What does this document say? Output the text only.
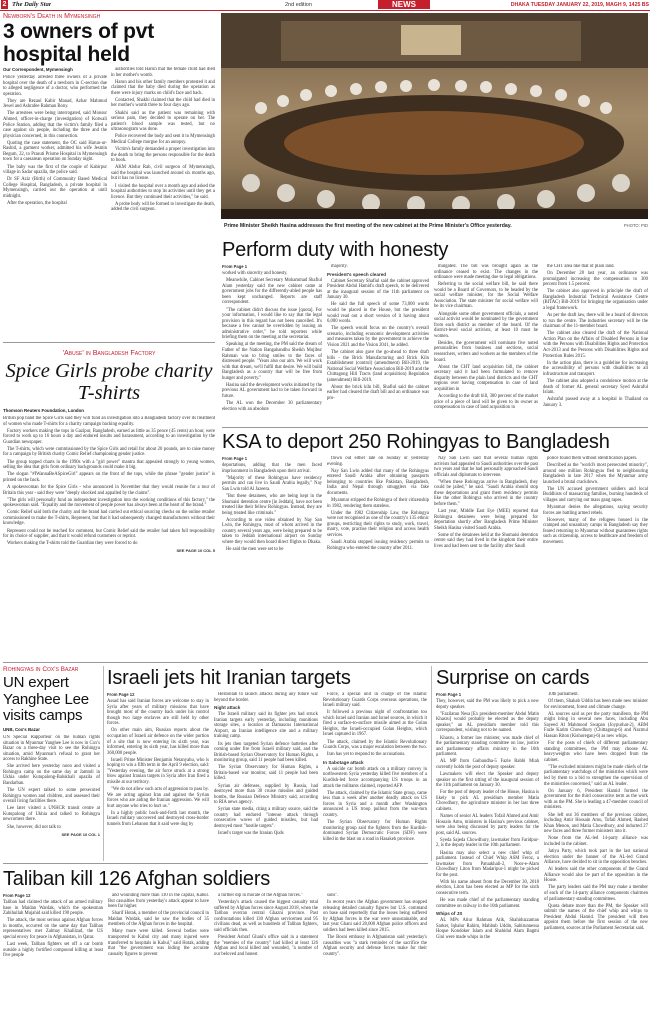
2 The Daily Star	2nd edition	NEWS	DHAKA TUESDAY JANUARY 22, 2019, MAGH 9, 1425 BS
Newborn's Death in Mymensingh
3 owners of pvt hospital held
Our Correspondent, Mymensingh

Police yesterday arrested three owners of a private hospital over the death of a newborn in C-section due to alleged negligence of a doctor, who performed the operation.

They are Rezaul Kabir Manad, Azhar Mahmud Jewel and Ashrafee Rahman Bony.

The arrestees were being interrogated, said Monsur Ahmed, officer-in-charge (investigation) of Kotwali Police Station, adding that the victim's family filed a case against six people, including the three and the physician concerned, in this connection.

Quoting the case statement, the OC said Harun-ur-Rashid, a garment worker, admitted his wife Jesmin Begum, 22, to Prasuti Prisme Hospital in Mymensingh town for a caesarean operation on Sunday night.

The baby was the first of the couple of Kabirpur village in Sadar upazila, the police said.

Dr SF Aziz (Birth) of Community Based Medical College Hospital, Bangladesh, a private hospital in Mymensingh, carried out the operation at until midnight.

After the operation, the hospital

authorities told Harun that the female child had died in her mother's womb.

Harun and his other family members protested it and claimed that the baby died during the operation as there were injury marks on child's face and back.

Contacted, Shakhi claimed that the child had died in her mother's womb three to four days ago.

Shakhi said as the patient was remaining with serious pain, they decided to operate on her. The patient's blood sample was tested, but no ultrasonogram was done.

Police recovered the body and sent it to Mymensingh Medical College morgue for an autopsy.

Victim's family demanded a proper investigation into the death to bring the persons responsible for the death to book.

AKM Abdur Rab, civil surgeon of Mymensingh, said the hospital was launched around six months ago, but it has no license.

I visited the hospital over a month ago and asked the hospital authorities to stop its activities until they get a licence. But they continued their activities," he said.

A probe body will be formed to investigate the death, added the civil surgeon.

Prime Minister Sheikh Hasina addresses the first meeting of the new cabinet at the Prime Minister's Office yesterday.	PHOTO: PID
'Abuse' in Bangladesh Factory
Spice Girls probe charity T-shirts
Thomson Reuters Foundation, London

British pop band the Spice Girls said they will fund an investigation into a Bangladesh factory over its treatment of women who made T-shirts for a charity campaign backing equality.

Factory workers making the tops in Gazipur, Bangladesh, earned as little as 35 pence (45 cents) an hour, were forced to work up to 16 hours a day and endured insults and harassment, according to an investigation by the Guardian newspaper.

The T-shirts, which were commissioned by the Spice Girls and retail for about 20 pounds, are to raise money for a campaign by British charity Comic Relief championing gender justice.

The group topped charts in the 1990s with a "girl power" mantra that appealed strongly to young women, selling the idea that girls from ordinary backgrounds could make it big.

The slogan "#IWannaBeASpiceGirl" appears on the front of the tops, while the phrase "gender justice" is printed on the back.

A spokeswoman for the Spice Girls - who announced in November that they would reunite for a tour of Britain this year - said they were "deeply shocked and appalled by the claims".

"The girls will personally fund an independent investigation into the working conditions of this factory," the spokeswoman said. "Equality and the movement of people power has always been at the heart of the brand."

Comic Relief said both the charity and the brand had carried out ethical sourcing checks on the online retailer commissioned to make the T-shirts, Represent, but that it had subsequently changed manufacturers without their knowledge.

Represent could not be reached for comment, but Comic Relief said the retailer had taken full responsibility for its choice of supplier, and that it would refund customers or reprint.

Workers making the T-shirts told the Guardian they were forced to do

SEE PAGE 10 COL 5

Perform duty with honesty

From Page 1

worked with sincerity and honesty.

Meanwhile, Cabinet Secretary Mohammad Shafiul Alam yesterday said the new cabinet came at government jobs for the differently-abled people has been kept unchanged. Reports are staff correspondent.

"The cabinet didn't discuss the issue [quota]. For your information, I would like to say that the legal provision in this regard has not been cancelled. It's because a few cannot be overridden by issuing an administrative order," he told reporters while briefing them on the meeting at the secretariat.

Speaking at the meeting, the PM said the dream of Father of the Nation Bangabandhu Sheikh Mujibur Rahman was to bring smiles to the faces of distressed people. "Years also our aim. We will work with that dream, we'll fulfil that desire. We will build Bangladesh as a country that will be free from hunger and poverty."

Hasina said the development works initiated by the previous AL government had to be taken forward in future.

The AL won the December 30 parliamentary election with an absolute

majority.

President's speech cleared

Cabinet Secretary Shafiul said the cabinet approved President Abdul Hamid's draft speech, to be delivered at the inaugural session of the 11th parliament on January 30.

He said the full speech of some 73,000 words would be placed in the House, but the president would read out a short version of it having about 6,000 words.

The speech would focus on the country's overall scenario, including economic development activities and measures taken by the government to achieve the Vision 2021 and the Vision 2041, he added.

The cabinet also gave the go-ahead to three draft bills - the Brick Manufacturing and Brick Kiln Establishment (control) (amendment) Bill-2019, the National Social Welfare Association Bill-2019 and the Chittagong Hill Tracts (land acquisition) Regulation (amendment) Bill-2019.

About the brick kiln bill, Shafiul said the cabinet earlier had cleared the draft bill and an ordinance was pro-

mulgated. The bill was brought again as the ordinance ceased to exist. The changes in the ordinance were made meeting due to legal obligations.

Referring to the social welfare bill, he said there would be a Board of Governors, to be headed by the social welfare minister, for the Social Welfare Association. The state minister for social welfare will be its vice chairman.

Alongside some other government officials, a noted social activist would be nominated by the government from each district as member of the board. Of the district-level social activists, at least 10 must be women.

Besides, the government will nominate five noted personalities from business and sections, social researchers, writers and workers as the members of the board.

About the CHT land acquisition bill, the cabinet secretary said it had been formulated to remove disparity between the plain land districts and the CHT regions over having compensation in case of land acquisition in

According to the draft bill, 300 percent of the market price of a piece of land will be given to its owner as compensation in case of land acquisition in

the CHT area like that of plain land.

On December 28 last year, an ordinance was promulgated increasing the compensation to 300 percent from 1.5 percent.

The cabinet also approved in principle the draft of Bangladesh Industrial Technical Assistance Centre (BITAC) Bill-2019 for bringing the organisation under a legal framework.

As per the draft law, there will be a board of directors to run the centre. The industries secretary will be the chairman of the 11-member board.

The cabinet also cleared the draft of the National Action Plan on the Affairs of Disabled Persons in line with the Persons with Disabilities Rights and Protection Act-2013 and the Persons with Disabilities Rights and Protection Rules 2015.

In the action plan, there is a guideline for increasing the accessibility of persons with disabilities to all infrastructure and transport.

The cabinet also adopted a condolence motion at the death of former AL general secretary Syed Ashraful Islam.

Ashraful passed away at a hospital in Thailand on January 3.

KSA to deport 250 Rohingyas to Bangladesh

From Page 1

deportations, adding that the men faced imprisonment in Bangladesh upon their arrival.

"Majority of these Rohingyas have residency permits and can live in Saudi Arabia legally," Nay San Lwin told Al Jazeera.

"But these detainees, who are being kept in the Shumaisi detention centre [in Jeddah], have not been treated like their fellow Rohingyas. Instead, they are being treated like criminals."

According to one video obtained by Nay San Lwin, the Rohingya, most of whom arrived in the country several years ago, were being prepared to be taken to Jeddah international airport on Sunday where they would then board direct flights to Dhaka.

He said the men were set to be

flown out either late on Sunday or yesterday evening.

Nay San Lwin added that many of the Rohingyas entered Saudi Arabia after obtaining passports belonging to countries like Pakistan, Bangladesh, India and Nepal through smugglers via fake documents.

Myanmar stripped the Rohingya of their citizenship in 1982, rendering them stateless.

Under the 1982 Citizenship Law, the Rohingya were not recognised as one of the country's 135 ethnic groups, restricting their rights to study, work, travel, marry, vote, practise their religion and access health services.

Saudi Arabia stopped issuing residency permits to Rohingya who entered the country after 2011.

Nay San Lwin said that several human rights activists had appealed to Saudi authorities over the past two years and that he had personally approached Saudi officials and diplomats to intervene.

"When these Rohingyas arrive in Bangladesh, they could be jailed," he said. "Saudi Arabia should stop these deportations and grant them residency permits like the other Rohingya who arrived in the country before them."

Last year, Middle East Eye (MEE) reported that Rohingya detainees were being prepared for deportation shortly after Bangladesh Prime Minister Sheikh Hasina visited Saudi Arabia.

Some of the detainees held at the Shumaisi detention centre said they had lived in the kingdom their entire lives and had been sent to the facility after Saudi

police found them without identification papers.

Described as the "world's most persecuted minority", around one million Rohingyas fled to neighbouring Bangladesh in late 2017 when the Myanmar army launched a brutal crackdown.

The UN accused government soldiers and local Buddhists of massacring families, burning hundreds of villages and carrying out mass gang rapes.

Myanmar denies the allegations, saying security forces are battling armed rebels.

However, many of the refugees housed in the cramped and unsanitary camps in Bangladesh say they feared returning to Myanmar without guarantees rights such as citizenship, access to healthcare and freedom of movement.

Rohingyas in Cox's Bazar
UN expert Yanghee Lee visits camps
UNB, Cox's Bazar

UN Special Rapporteur on the human rights situation in Myanmar Yanghee Lee is now in Cox's Bazar on a three-day visit to see the Rohingya situation, amid Myanmar's refusal to grant her access to Rakhine State.

She arrived here yesterday noon and visited a Rohingya camp on the same day at Jamtoli in Ukhia under Kutupalong-Balukhali upazila of Bandarban.

The UN expert talked to some persecuted Rohingya women and children, and assessed their overall living facilities there.

Lee later visited a UNHCR transit centre at Kutupalong of Ukhia and talked to Rohingya newcomers there.

She, however, did not talk to

SEE PAGE 10 COL 1

Israeli jets hit Iranian targets

From Page 12

Assad has said Iranian forces are welcome to stay in Syria after years of military missions that have brought most of the country back under his control though two large enclaves are still held by other forces.

On other main aim, Russian reports about the occupation of Israeli air defence on the wider portion of a site that is now entering its sixth year, was informed, entering its sixth year, has killed more than 360,000 people.

Israeli Prime Minister Benjamin Netanyahu, who is hoping to win a fifth term in the April 9 election, said: "Yesterday evening, the air force struck at a strong blow against Iranian targets in Syria after Iran fired a missile at our territory.

"We do not allow such acts of aggression to pass by. We are acting against Iran and against the Syrian forces who are aiding the Iranian aggression. We will hurt anyone who tries to hurt us."

In a highly public back-and-forth last month, the Israeli military uncovered and destroyed cross-border tunnels from Lebanon that it said were dug by

Hezbollah to launch attacks during any future war beyond the border.

Night attack

The Israeli military said its fighter jets had struck Iranian targets early yesterday, including munitions storage sites, a location at Damascus International Airport, an Iranian intelligence site and a military training camp.

Its jets then targeted Syrian defence batteries after coming under fire from Israeli military said, and the British-based Syrian Observatory for Human Rights, a monitoring group, said 11 people had been killed.

The Syrian Observatory for Human Rights, a Britain-based war monitor, said 11 people had been killed.

Syrian air defenses, supplied by Russia, had destroyed more than 30 cruise missiles and guided bombs, the Russian Defence Ministry said, according to RIA news agency.

Syrian state media, citing a military source, said the country had endured "intense attack through consecutive waves of guided missiles, but had destroyed most "hostile targets".

Israel's target was the Iranian Quds

Force, a special unit in charge of the Islamic Revolutionary Guards Corps overseas operations, the Israeli military said.

It followed a previous night of confrontation too which Israel said Iranian and Israel sources, in which it fired a surface-to-surface missile aimed at the Golan Heights, the Israeli-occupied Golan Heights, which Israel captured in 1967.

The attack, claimed by the Islamic Revolutionary Guards Corps, was a major escalation between the two.

Iran has yet to respond to the accusations.

In Sabotage attack

A suicide car bomb attack on a military convoy in northwestern Syria yesterday killed five members of a Kurdish-led force accompanying US troops in an attack the militants claimed, reported AFP.

The attack, claimed by the Islamic State group, came less than a week after another deadly attack on US forces in Syria and a month after Washington announced a US troop pullout from the war-torn country.

The Syrian Observatory for Human Rights monitoring group said the fighters from the Kurdish-dominated Syrian Democratic Forces (SDF) were killed in the blast on a road in Hasakeh province.

Surprise on cards

From Page 1

They, however, said the PM was likely to pick a new deputy speaker.

"Fazilatun Nesa [Ex president-member Abdul Matin Khasru] would probably be elected as the deputy speaker," an AL presidium member told this correspondent, wishing not to be named.

Khasru, a former law minister, was made chief of the parliamentary standing committee on law, justice and parliamentary affairs ministry in the 10th parliament.

AL MP from Gaibandha-5 Fazle Rabbi Miah currently holds the post of deputy speaker.

Lawmakers will elect the Speaker and deputy speaker on the first sitting of the inaugural session of the 11th parliament on January 30.

For the post of deputy leader of the House, Hasina is likely to pick AL presidium member Matia Chowdhury, the agriculture minister in her last three cabinets.

Names of senior AL leaders Tofail Ahmed and Amir Hossain Amu, ministers in Hasina's previous cabinet, were also being discussed by party leaders for the post, said AL sources.

Syeda Sajeda Chowdhury, lawmaker from Faridpur-2, is the deputy leader in the 10th parliament.

Hasina may also select a new chief whip of parliament. Instead of Chief Whip ASM Feroz, a lawmaker from Patuakhali-2, Noor-e-Alam Chowdhury Liton from Madaripur-1 might be picked for the post.

With his name absent from the December 30, 2018 election, Liton has been elected as MP for the sixth consecutive term.

He was made chief of the parliamentary standing committee on railway in the 10th parliament.

Whips of JS

AL MPs Atiur Rahman Atik, Shahiduzzaman Sarker, Iqbalur Rahim, Mahbub Uddin, Sabirunnessa Hoque Kondoker Islam and Shahidul Alam Bagmi Gini were made whips in the

10th parliament.

Of them, Shahab Uddin has been made new minister for environment, forest and climate change.

AL sources said as per the party manifesto, the PM might bring in several new faces, including Abu Sayeed Al Mahmood Swapan (Joypurhat-2), ABM Fazle Karim Chowdhury (Chittagong-6) and Nazmul Hassan Riton (Kishoreganj-6) as new whips.

For the posts of chiefs of different parliamentary standing committees, the PM may choose AL heavyweights who have been dropped from the cabinet.

"The excluded ministers might be made chiefs of the parliamentary watchdogs of the ministries which were led by them to a bid to strengthen the supervision of the ministries concerned," said an AL leader.

On January 6, President Hamid formed the government for the third consecutive term as the work with as the PM. She is leading a 47-member council of ministers.

She left out 36 members of the previous cabinet, including Amir Hossain Amu, Tofail Ahmed, Rashed Khan Menon, and Matia Chowdhury, and inducted 27 new faces and three former ministers into it.

None from the AL-led 14-party alliance was included in the cabinet.

Jatiya Party, which took part in the last national election under the banner of the AL-led Grand Alliance, have decided to sit in the opposition benches.

Al leaders said the other components of the Grand Alliance would also be part of the opposition in the House.

The party leaders said the PM may make a member of each of the 14-party alliance components chairmen of parliamentary standing committees.

Quota debate more than the PM, the Speaker will submit the names of the chief whip and whips to President Abdul Hamid. The president will then appoint them before the first session of the new parliament, sources at the Parliament Secretariat said.

Taliban kill 126 Afghan soldiers

From Page 12

Taliban had claimed the attack of an armed military base in Maidan Wardak, which the spokesman Zabihullah Mujahid said killed 190 people.

The attack, the most serious against Afghan forces in months, occurred on the same day that Taliban representatives met Zalmay Khalilzad, the US special envoy for peace in Afghanistan, in Qatar.

Last week, Taliban fighters set off a car bomb outside a highly fortified compound killing at least five people

and wounding more than 110 in the capital, Kabul. But casualties from yesterday's attack appear to have been far higher.

Sharif Hotak, a member of the provincial council in Maidan Wardak, said he saw the bodies of 35 members of the Afghan forces in the hospital.

Many more were killed. Several bodies were transported to Kabul city and many injured were transferred to hospitals in Kabul," said Hotak, adding that "the government was hiding the accurate casualty figures to prevent

a further dip in morale of the Afghan forces."

Yesterday's attack caused the biggest casualty total suffered by Afghan forces since August 2018, when the Taliban overran central Ghazni province. Past confrontations killed 130 Afghan servicemen and 95 civilians dead, as well as hundreds of Taliban fighters, said officials then.

President Ashraf Ghani's office said in a statement the "enemies of the country" had killed at least 126 Afghan and local killed and wounded, "a number of our beloved and honest

sons".

In recent years the Afghan government has stopped releasing detailed casualty figures but U.S. command on base said reportedly that the losses being suffered by Afghan forces in the war were unsustainable, and last year Ghani said 28,000 Afghan police officers and soldiers had been killed since 2015.

The Bosni embassy in Afghanistan said yesterday's casualties was "a stark reminder of the sacrifice the Afghan security and defense forces make for their country".
